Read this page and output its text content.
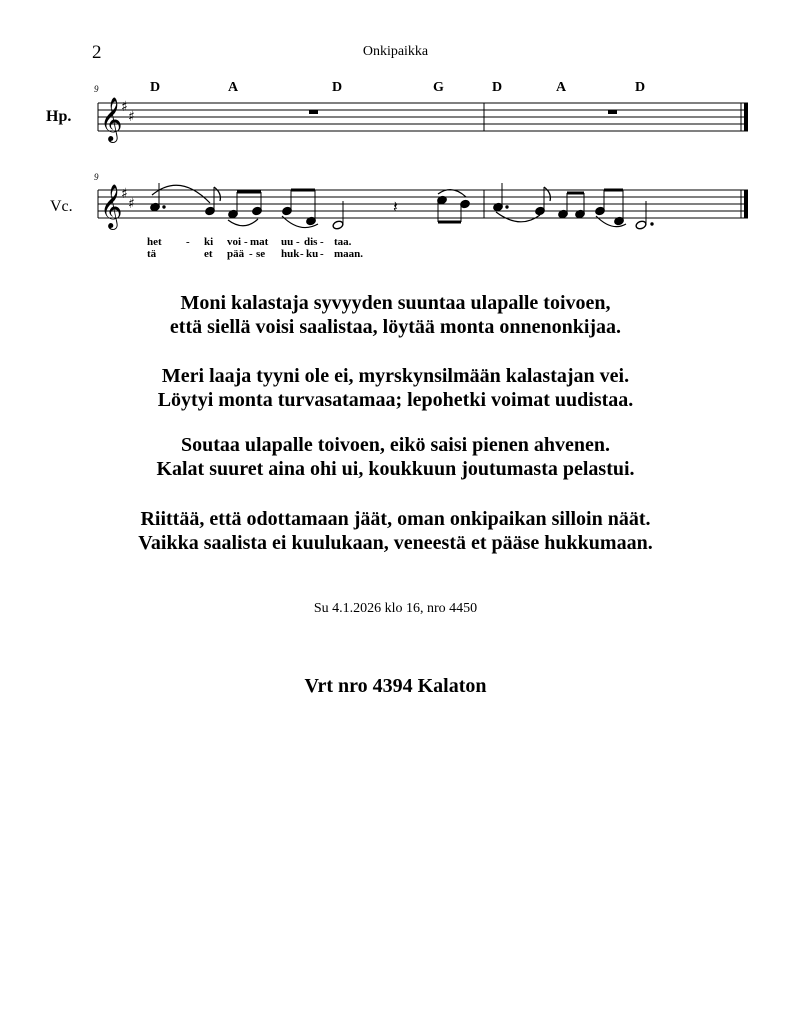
2	Onkipaikka
D	A	D	G	D	A	D
9
9
Hp.
Vc.
𝄞
♯
♯
𝄞
♯
♯	𝄽
het - ki voi - mat uu - dis - taa.
tä	et pää - se huk - ku - maan.
Moni kalastaja syvyyden suuntaa ulapalle toivoen,
että siellä voisi saalistaa, löytää monta onnenonkijaa.
Meri laaja tyyni ole ei, myrskynsilmään kalastajan vei.
Löytyi monta turvasatamaa; lepohetki voimat uudistaa.
Soutaa ulapalle toivoen, eikö saisi pienen ahvenen.
Kalat suuret aina ohi ui, koukkuun joutumasta pelastui.
Riittää, että odottamaan jäät, oman onkipaikan silloin näät.
Vaikka saalista ei kuulukaan, veneestä et pääse hukkumaan.
Su 4.1.2026 klo 16, nro 4450
Vrt nro 4394 Kalaton
